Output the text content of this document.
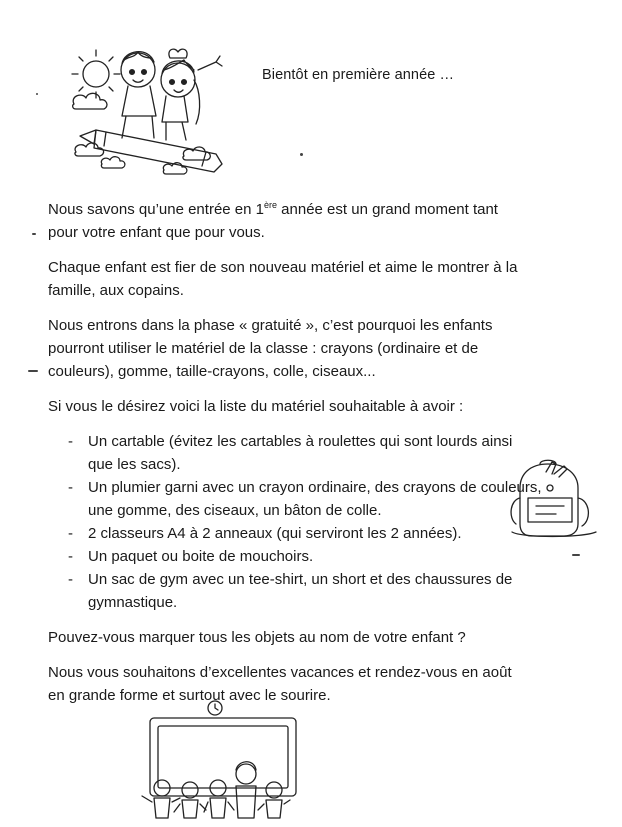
Bientôt en première année …

Nous savons qu’une entrée en 1ère année est un grand moment tant pour votre enfant que pour vous.

Chaque enfant est fier de son nouveau matériel et aime le montrer à la famille, aux copains.

Nous entrons dans la phase « gratuité », c’est pourquoi les enfants pourront utiliser le matériel de la classe : crayons (ordinaire et de couleurs), gomme, taille-crayons, colle, ciseaux...

Si vous le désirez voici la liste du matériel souhaitable à avoir :

- Un cartable (évitez les cartables à roulettes qui sont lourds ainsi que les sacs).
- Un plumier garni avec un crayon ordinaire, des crayons de couleurs, une gomme, des ciseaux, un bâton de colle.
- 2 classeurs A4 à 2 anneaux (qui serviront les 2 années).
- Un paquet ou boite de mouchoirs.
- Un sac de gym avec un tee-shirt, un short et des chaussures de gymnastique.

Pouvez-vous marquer tous les objets au nom de votre enfant ?

Nous vous souhaitons d’excellentes vacances et rendez-vous en août en grande forme et surtout avec le sourire.
